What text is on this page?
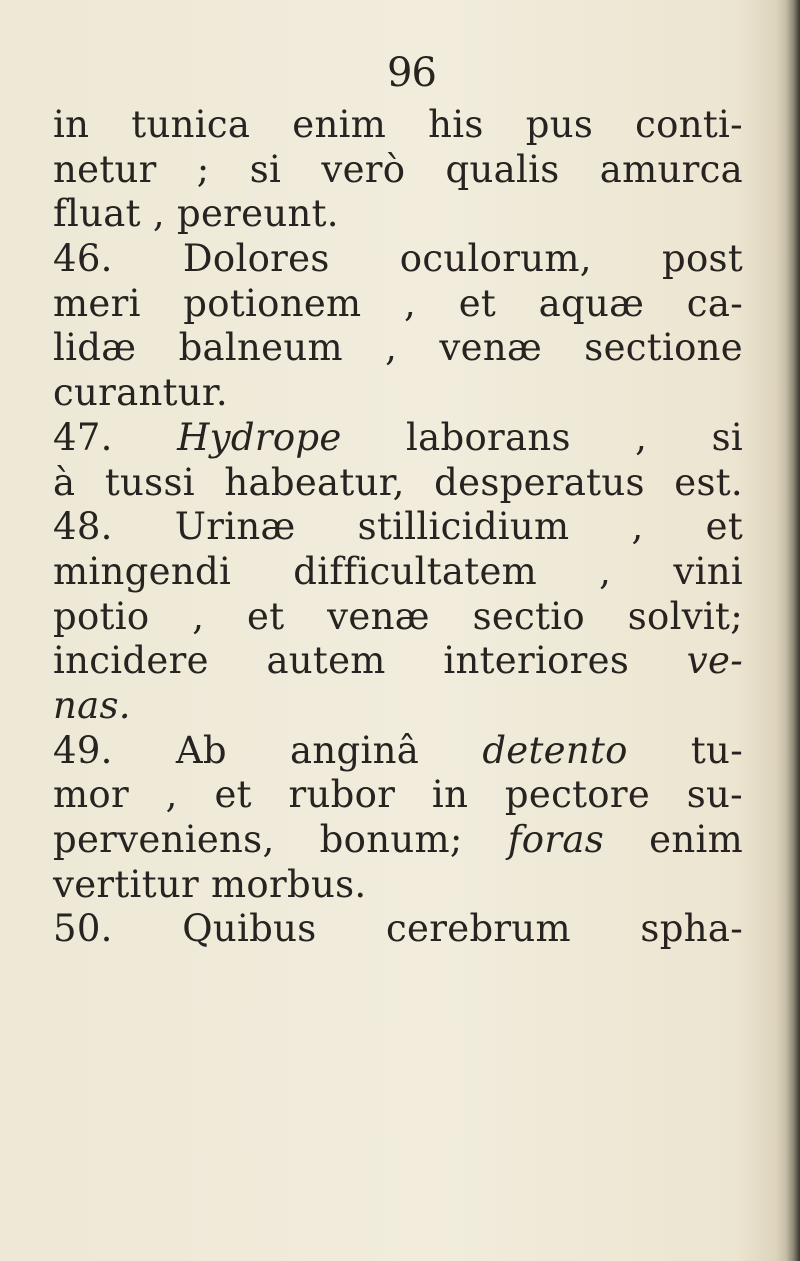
96
in tunica enim his pus conti-
netur ; si verò qualis amurca
fluat , pereunt.
46. Dolores oculorum, post
meri potionem , et aquæ ca-
lidæ balneum , venæ sectione
curantur.
47. Hydrope laborans , si
à tussi habeatur, desperatus est.
48. Urinæ stillicidium , et
mingendi difficultatem , vini
potio , et venæ sectio solvit;
incidere autem interiores ve-
nas.
49. Ab anginâ detento tu-
mor , et rubor in pectore su-
perveniens, bonum; foras enim
vertitur morbus.
50. Quibus cerebrum spha-
